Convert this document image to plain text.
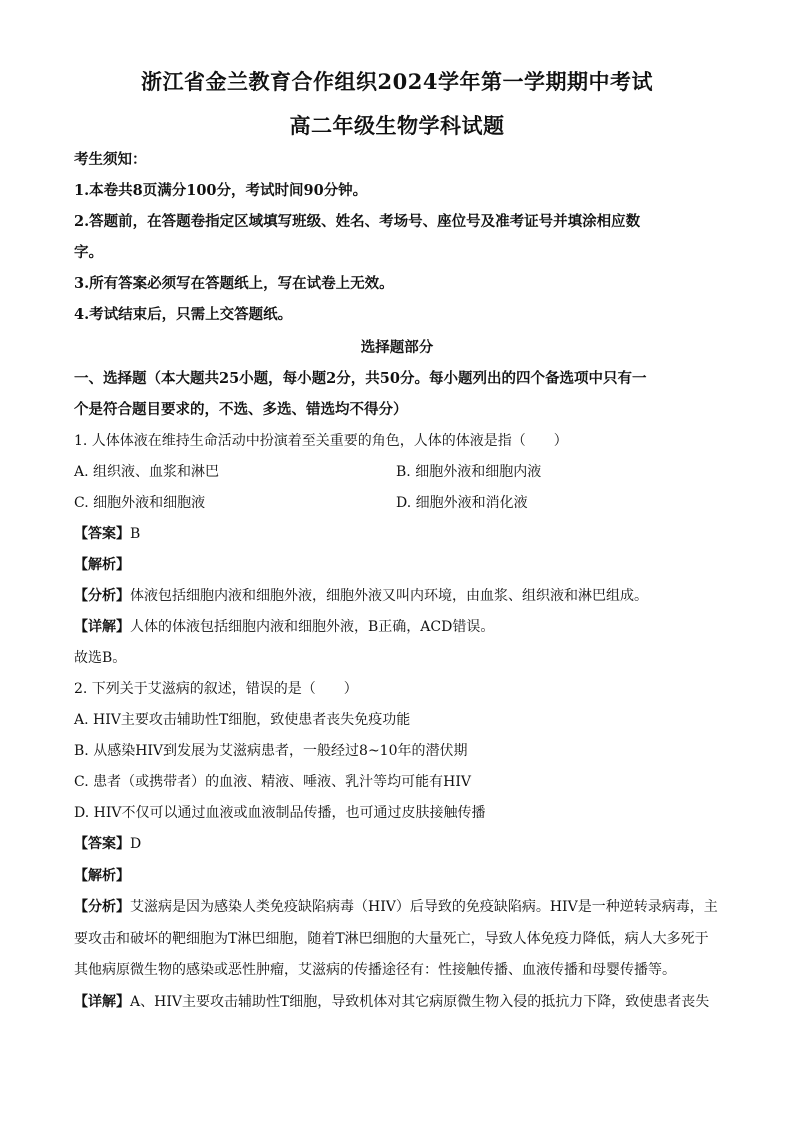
浙江省金兰教育合作组织2024学年第一学期期中考试
高二年级生物学科试题
考生须知：
1.本卷共8页满分100分，考试时间90分钟。
2.答题前，在答题卷指定区域填写班级、姓名、考场号、座位号及准考证号并填涂相应数
字。
3.所有答案必须写在答题纸上，写在试卷上无效。
4.考试结束后，只需上交答题纸。
选择题部分
一、选择题（本大题共25小题，每小题2分，共50分。每小题列出的四个备选项中只有一
个是符合题目要求的，不选、多选、错选均不得分）
1. 人体体液在维持生命活动中扮演着至关重要的角色，人体的体液是指（　　）
A. 组织液、血浆和淋巴	B. 细胞外液和细胞内液
C. 细胞外液和细胞液	D. 细胞外液和消化液
【答案】B
【解析】
【分析】体液包括细胞内液和细胞外液，细胞外液又叫内环境，由血浆、组织液和淋巴组成。
【详解】人体的体液包括细胞内液和细胞外液，B正确，ACD错误。
故选B。
2. 下列关于艾滋病的叙述，错误的是（　　）
A. HIV主要攻击辅助性T细胞，致使患者丧失免疫功能
B. 从感染HIV到发展为艾滋病患者，一般经过8~10年的潜伏期
C. 患者（或携带者）的血液、精液、唾液、乳汁等均可能有HIV
D. HIV不仅可以通过血液或血液制品传播，也可通过皮肤接触传播
【答案】D
【解析】
【分析】艾滋病是因为感染人类免疫缺陷病毒（HIV）后导致的免疫缺陷病。HIV是一种逆转录病毒，主
要攻击和破坏的靶细胞为T淋巴细胞，随着T淋巴细胞的大量死亡，导致人体免疫力降低，病人大多死于
其他病原微生物的感染或恶性肿瘤，艾滋病的传播途径有：性接触传播、血液传播和母婴传播等。
【详解】A、HIV主要攻击辅助性T细胞，导致机体对其它病原微生物入侵的抵抗力下降，致使患者丧失
